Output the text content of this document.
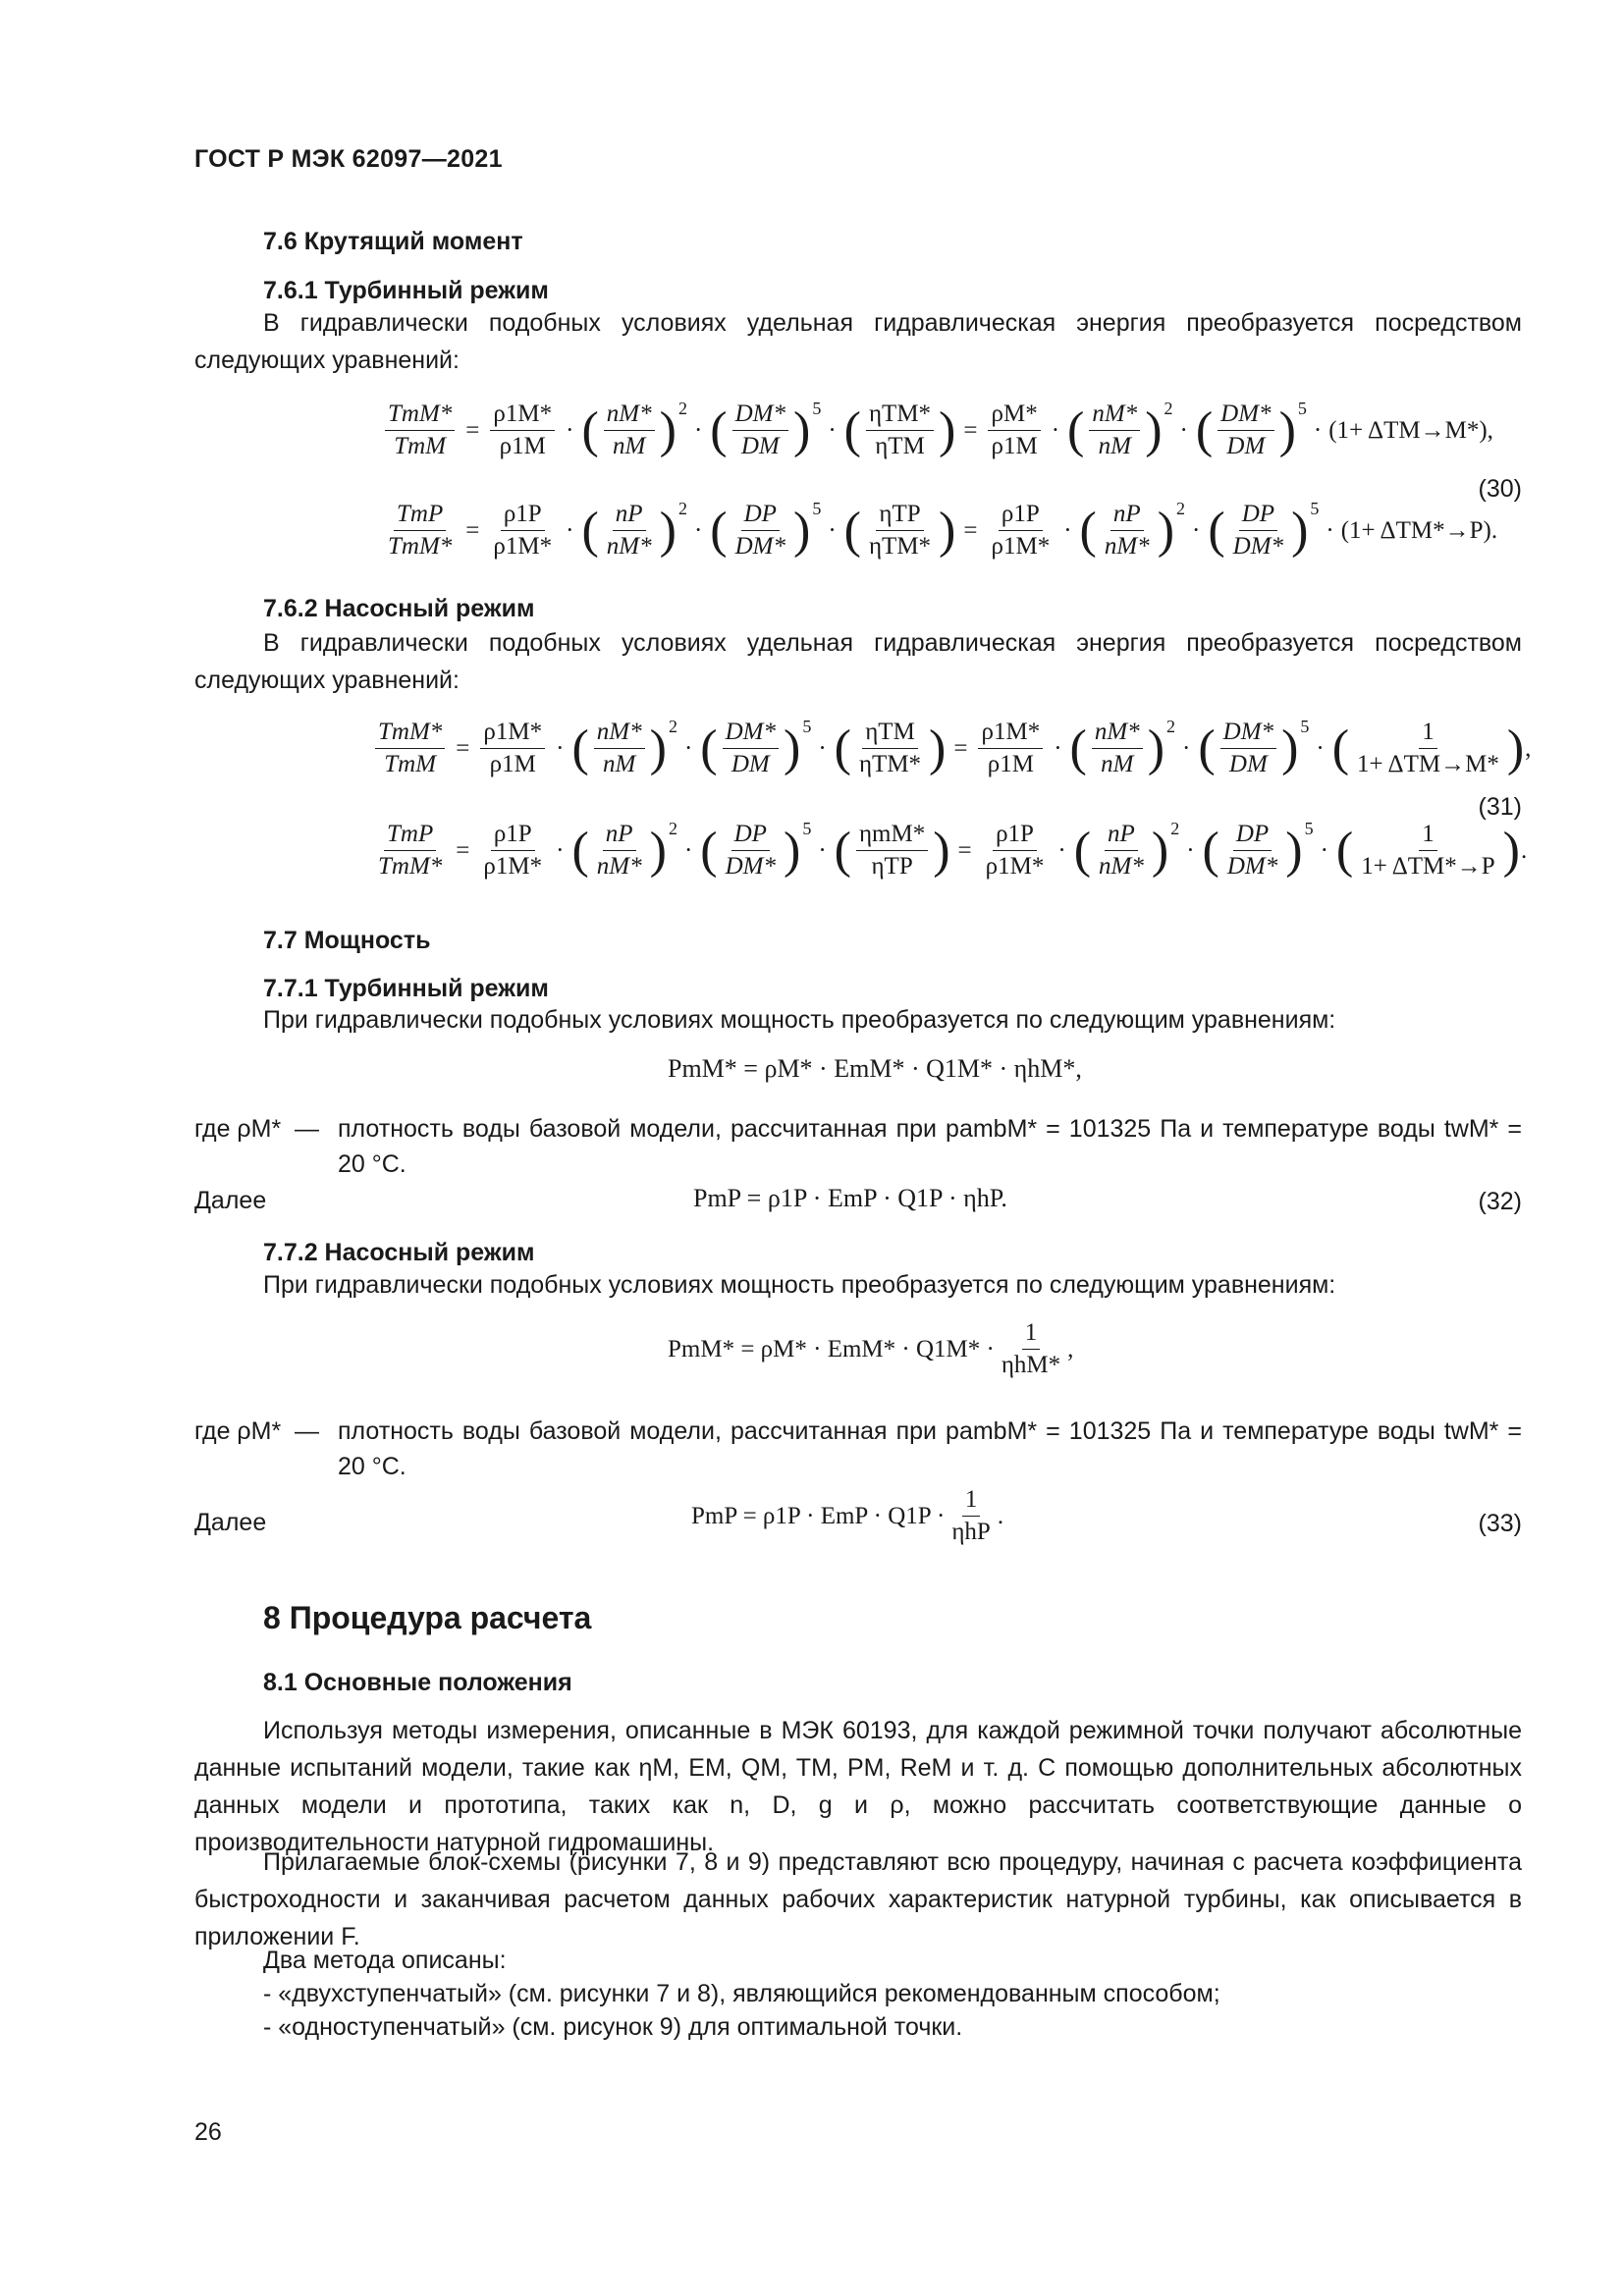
ГОСТ Р МЭК 62097—2021
7.6 Крутящий момент
7.6.1 Турбинный режим
В гидравлически подобных условиях удельная гидравлическая энергия преобразуется посредством следующих уравнений:
$\frac{\text{TmM*}}{\text{TmM}} = \frac{\rho 1M*}{\rho 1M}$ · ( $\frac{nM*}{nM}$ ) 2
· ( $\frac{DM*}{DM}$ ) 5
· ( $\frac{\text{ηTM*}}{\text{ηTM}}$ ) = $\frac{\rho M*}{\rho 1M}$ · ( $\frac{nM*}{nM}$ ) 2
· ( $\frac{DM*}{DM}$ ) 5
· (1+ ΔTM→M*),
$\frac{\text{TmP}}{\text{TmM*}} = \frac{\rho 1P}{\rho 1M*}$ · ( $\frac{nP}{nM*}$ ) 2
· ( $\frac{DP}{DM*}$ ) 5
· ( $\frac{\text{ηTP}}{\text{ηTM*}}$ ) = $\frac{\rho 1P}{\rho 1M*}$ · ( $\frac{nP}{nM*}$ ) 2
· ( $\frac{DP}{DM*}$ ) 5
· (1+ ΔTM*→P).
(30)
7.6.2 Насосный режим
В гидравлически подобных условиях удельная гидравлическая энергия преобразуется посредством следующих уравнений:
$\frac{\text{TmM*}}{\text{TmM}} = \frac{\rho 1M*}{\rho 1M}$ · ( $\frac{nM*}{nM}$ ) 2
· ( $\frac{DM*}{DM}$ ) 5
· ( $\frac{\text{ηTM}}{\text{ηTM*}}$ ) = $\frac{\rho 1M*}{\rho 1M}$ · ( $\frac{nM*}{nM}$ ) 2
· ( $\frac{DM*}{DM}$ ) 5
· ( $\frac{1}{\text{1+ ΔTM→M*}}$ ) ,
$\frac{\text{TmP}}{\text{TmM*}} = \frac{\rho 1P}{\rho 1M*}$ · ( $\frac{nP}{nM*}$ ) 2
· ( $\frac{DP}{DM*}$ ) 5
· ( $\frac{\text{ηmM*}}{\text{ηTP}}$ ) = $\frac{\rho 1P}{\rho 1M*}$ · ( $\frac{nP}{nM*}$ ) 2
· ( $\frac{DP}{DM*}$ ) 5
· ( $\frac{1}{\text{1+ ΔTM*→P}}$ ) .
(31)
7.7 Мощность
7.7.1 Турбинный режим
При гидравлически подобных условиях мощность преобразуется по следующим уравнениям:
PmM* = ρM* · EmM* · Q1M* · ηhM*,
где ρM* — плотность воды базовой модели, рассчитанная при pambM* = 101325 Па и температуре воды twM* = 20 °C.
Далее	PmP = ρ1P · EmP · Q1P · ηhP.	(32)
7.7.2 Насосный режим
При гидравлически подобных условиях мощность преобразуется по следующим уравнениям:
$PmM* = \rho M* \cdot EmM* \cdot Q1M* \cdot \frac{1}{\text{ηhM*}}$ ,
где ρM* — плотность воды базовой модели, рассчитанная при pambM* = 101325 Па и температуре воды twM* = 20 °C.
Далее	PmP = ρ1P · EmP · $Q1P \cdot \frac{1}{\text{ηhP}}$ .	(33)
8 Процедура расчета
8.1 Основные положения
Используя методы измерения, описанные в МЭК 60193, для каждой режимной точки получают абсолютные данные испытаний модели, такие как ηM, EM, QM, TM, PM, ReM и т. д. С помощью дополнительных абсолютных данных модели и прототипа, таких как n, D, g и ρ, можно рассчитать соответствующие данные о производительности натурной гидромашины.
Прилагаемые блок-схемы (рисунки 7, 8 и 9) представляют всю процедуру, начиная с расчета коэффициента быстроходности и заканчивая расчетом данных рабочих характеристик натурной турбины, как описывается в приложении F.
Два метода описаны:
- «двухступенчатый» (см. рисунки 7 и 8), являющийся рекомендованным способом;
- «одноступенчатый» (см. рисунок 9) для оптимальной точки.
26
